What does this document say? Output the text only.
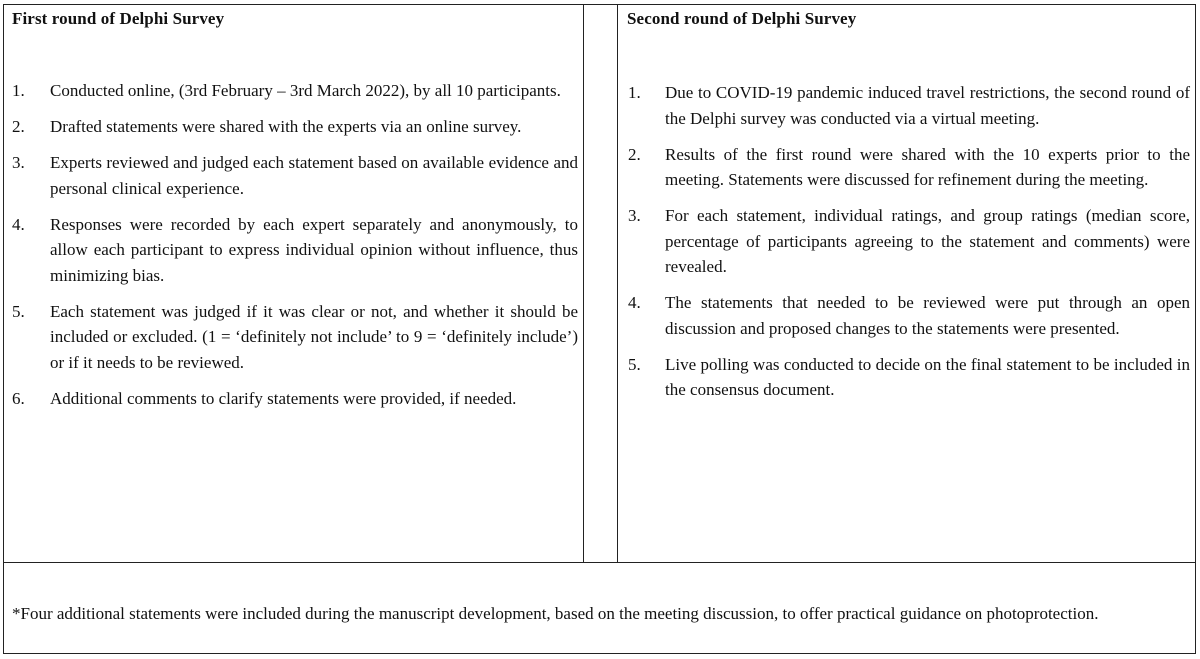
First round of Delphi Survey
1. Conducted online, (3rd February – 3rd March 2022), by all 10 participants.
2. Drafted statements were shared with the experts via an online survey.
3. Experts reviewed and judged each statement based on available evidence and personal clinical experience.
4. Responses were recorded by each expert separately and anonymously, to allow each participant to express individual opinion without influence, thus minimizing bias.
5. Each statement was judged if it was clear or not, and whether it should be included or excluded. (1 = ‘definitely not include’ to 9 = ‘definitely include’) or if it needs to be reviewed.
6. Additional comments to clarify statements were provided, if needed.
Second round of Delphi Survey
1. Due to COVID-19 pandemic induced travel restrictions, the second round of the Delphi survey was conducted via a virtual meeting.
2. Results of the first round were shared with the 10 experts prior to the meeting. Statements were discussed for refinement during the meeting.
3. For each statement, individual ratings, and group ratings (median score, percentage of participants agreeing to the statement and comments) were revealed.
4. The statements that needed to be reviewed were put through an open discussion and proposed changes to the statements were presented.
5. Live polling was conducted to decide on the final statement to be included in the consensus document.
*Four additional statements were included during the manuscript development, based on the meeting discussion, to offer practical guidance on photoprotection.
